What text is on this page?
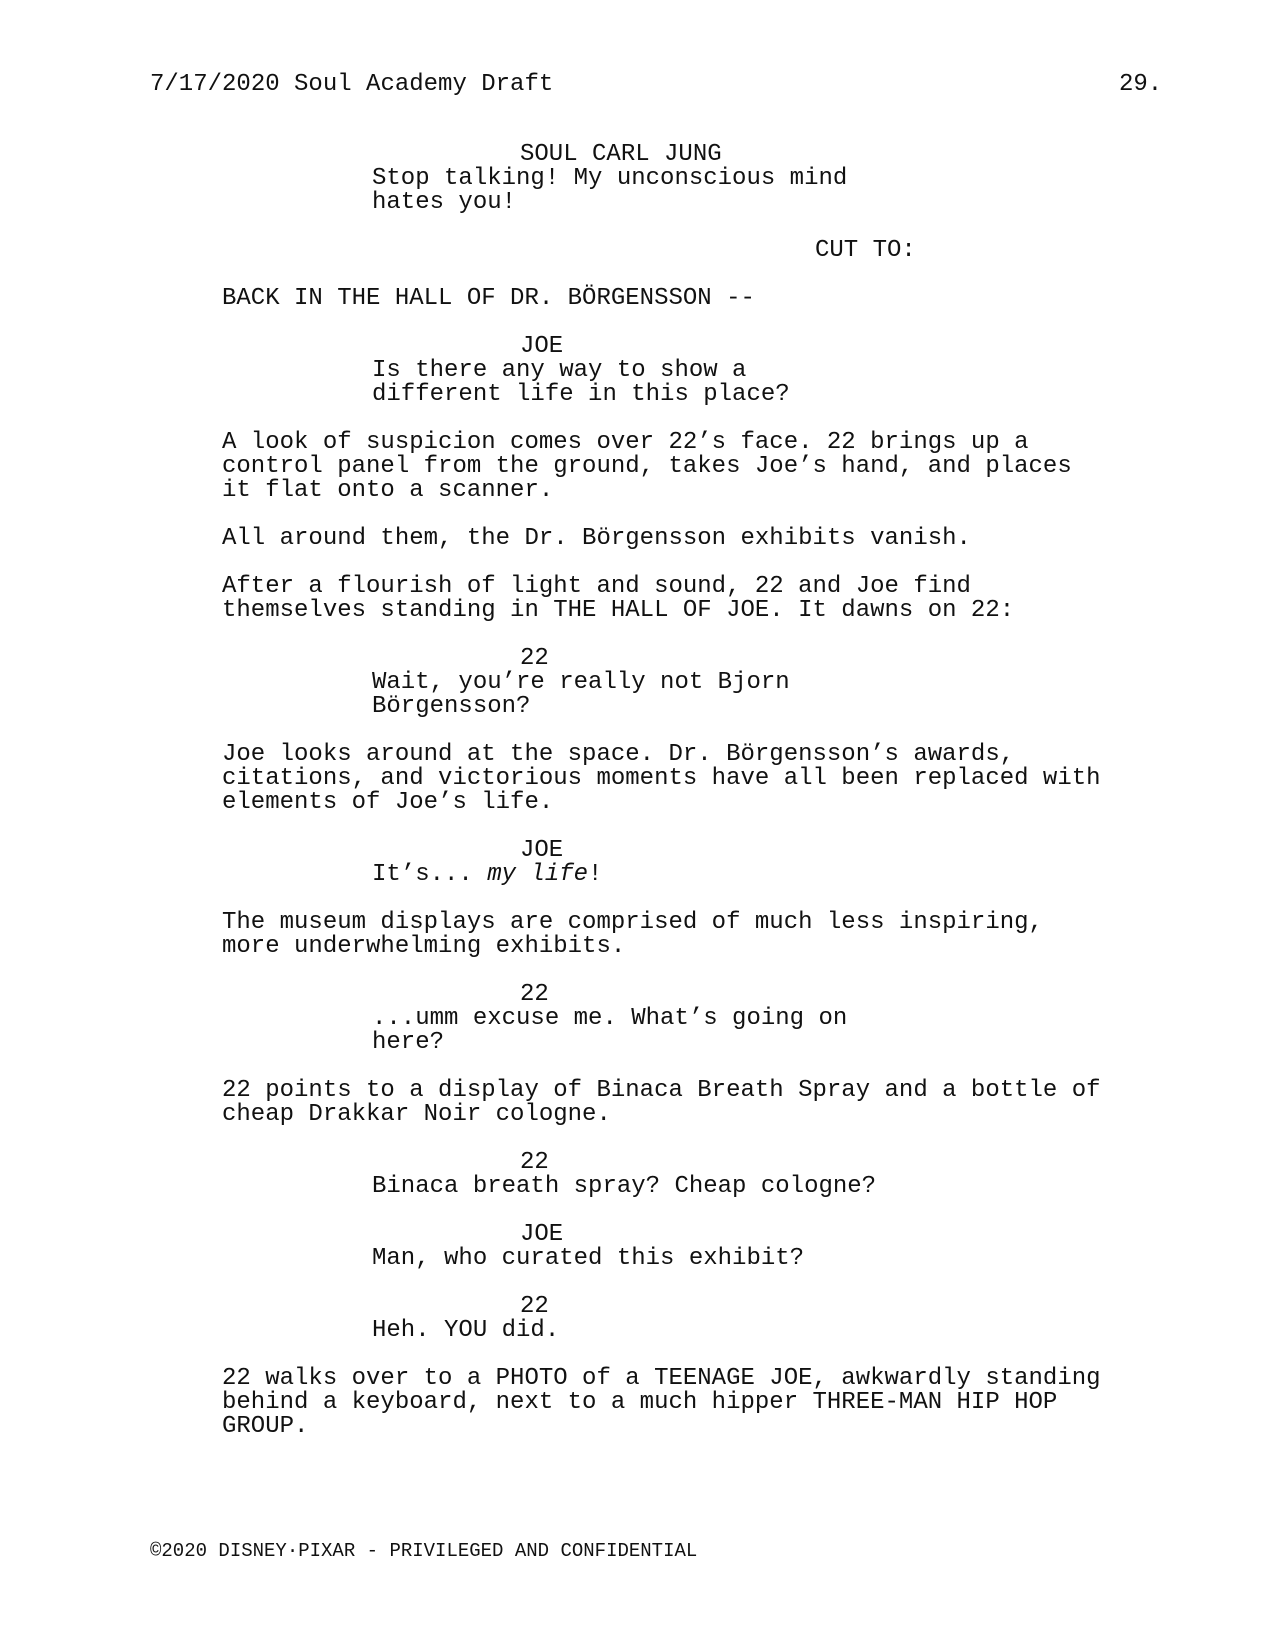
7/17/2020 Soul Academy Draft	29.
SOUL CARL JUNG
Stop talking! My unconscious mind
hates you!
CUT TO:
BACK IN THE HALL OF DR. BÖRGENSSON --
JOE
Is there any way to show a
different life in this place?
A look of suspicion comes over 22’s face. 22 brings up a
control panel from the ground, takes Joe’s hand, and places
it flat onto a scanner.
All around them, the Dr. Börgensson exhibits vanish.
After a flourish of light and sound, 22 and Joe find
themselves standing in THE HALL OF JOE. It dawns on 22:
22
Wait, you’re really not Bjorn
Börgensson?
Joe looks around at the space. Dr. Börgensson’s awards,
citations, and victorious moments have all been replaced with
elements of Joe’s life.
JOE
It’s... my life!
The museum displays are comprised of much less inspiring,
more underwhelming exhibits.
22
...umm excuse me. What’s going on
here?
22 points to a display of Binaca Breath Spray and a bottle of
cheap Drakkar Noir cologne.
22
Binaca breath spray? Cheap cologne?
JOE
Man, who curated this exhibit?
22
Heh. YOU did.
22 walks over to a PHOTO of a TEENAGE JOE, awkwardly standing
behind a keyboard, next to a much hipper THREE-MAN HIP HOP
GROUP.
©2020 DISNEY·PIXAR - PRIVILEGED AND CONFIDENTIAL
